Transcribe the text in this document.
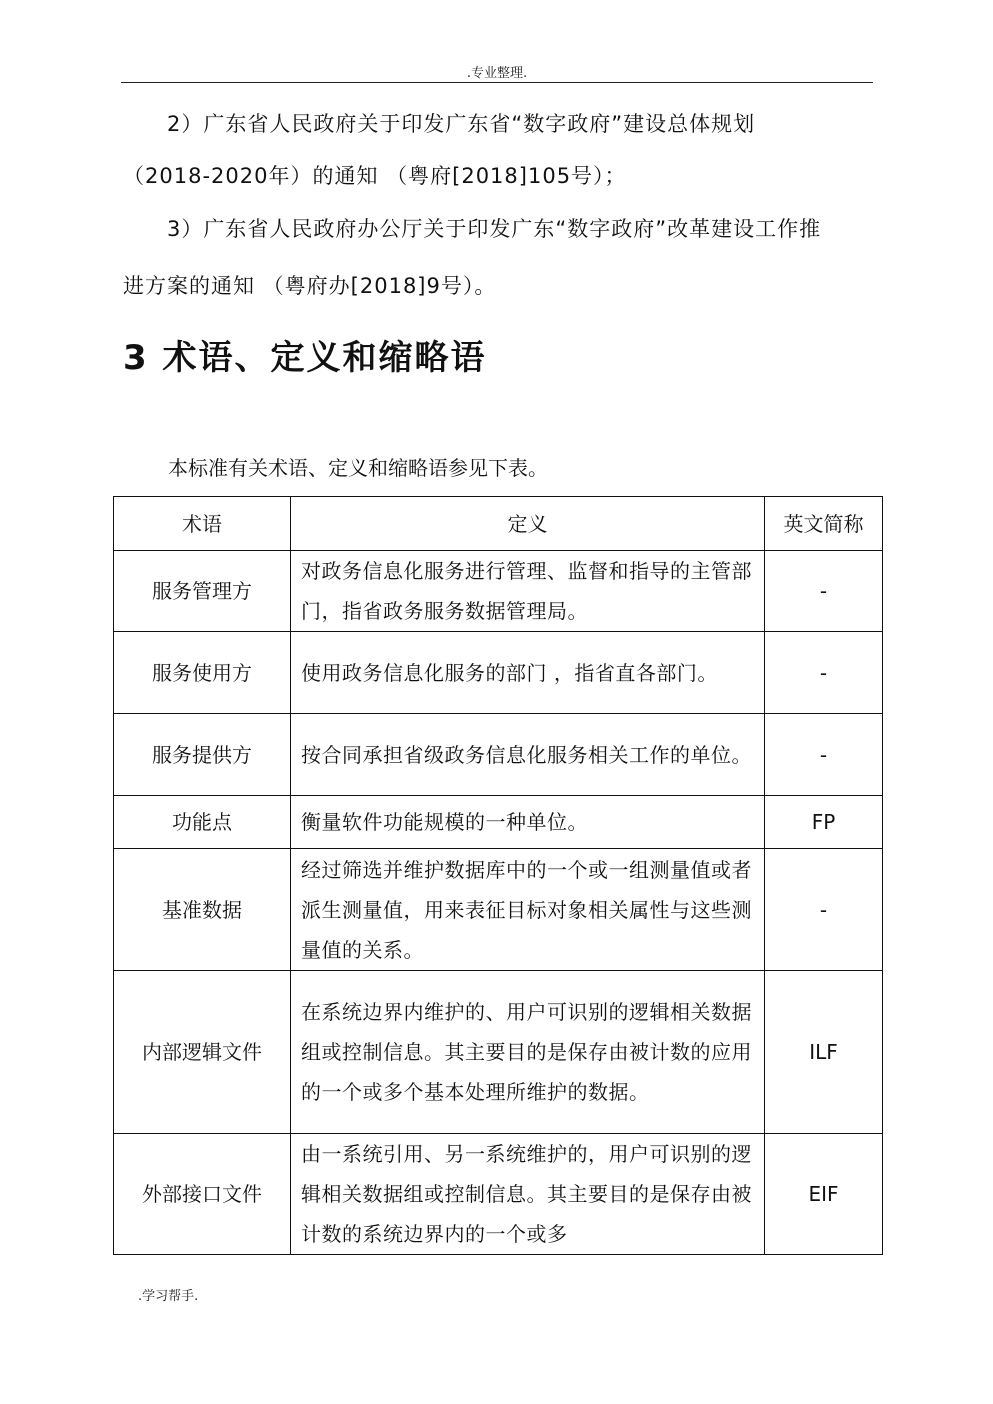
.专业整理.

2）广东省人民政府关于印发广东省“数字政府”建设总体规划
（2018-2020年）的通知 （粤府[2018]105号）；

3）广东省人民政府办公厅关于印发广东“数字政府”改革建设工作推
进方案的通知 （粤府办[2018]9号）。

3 术语、定义和缩略语

本标准有关术语、定义和缩略语参见下表。

术语	定义	英文简称
服务管理方	对政务信息化服务进行管理、监督和指导的主管部门，指省政务服务数据管理局。	-
服务使用方	使用政务信息化服务的部门 ，指省直各部门。	-
服务提供方	按合同承担省级政务信息化服务相关工作的单位。	-
功能点	衡量软件功能规模的一种单位。	FP
基准数据	经过筛选并维护数据库中的一个或一组测量值或者派生测量值，用来表征目标对象相关属性与这些测量值的关系。	-
内部逻辑文件	在系统边界内维护的、用户可识别的逻辑相关数据组或控制信息。其主要目的是保存由被计数的应用的一个或多个基本处理所维护的数据。	ILF
外部接口文件	由一系统引用、另一系统维护的，用户可识别的逻辑相关数据组或控制信息。其主要目的是保存由被计数的系统边界内的一个或多	EIF
.学习帮手.
